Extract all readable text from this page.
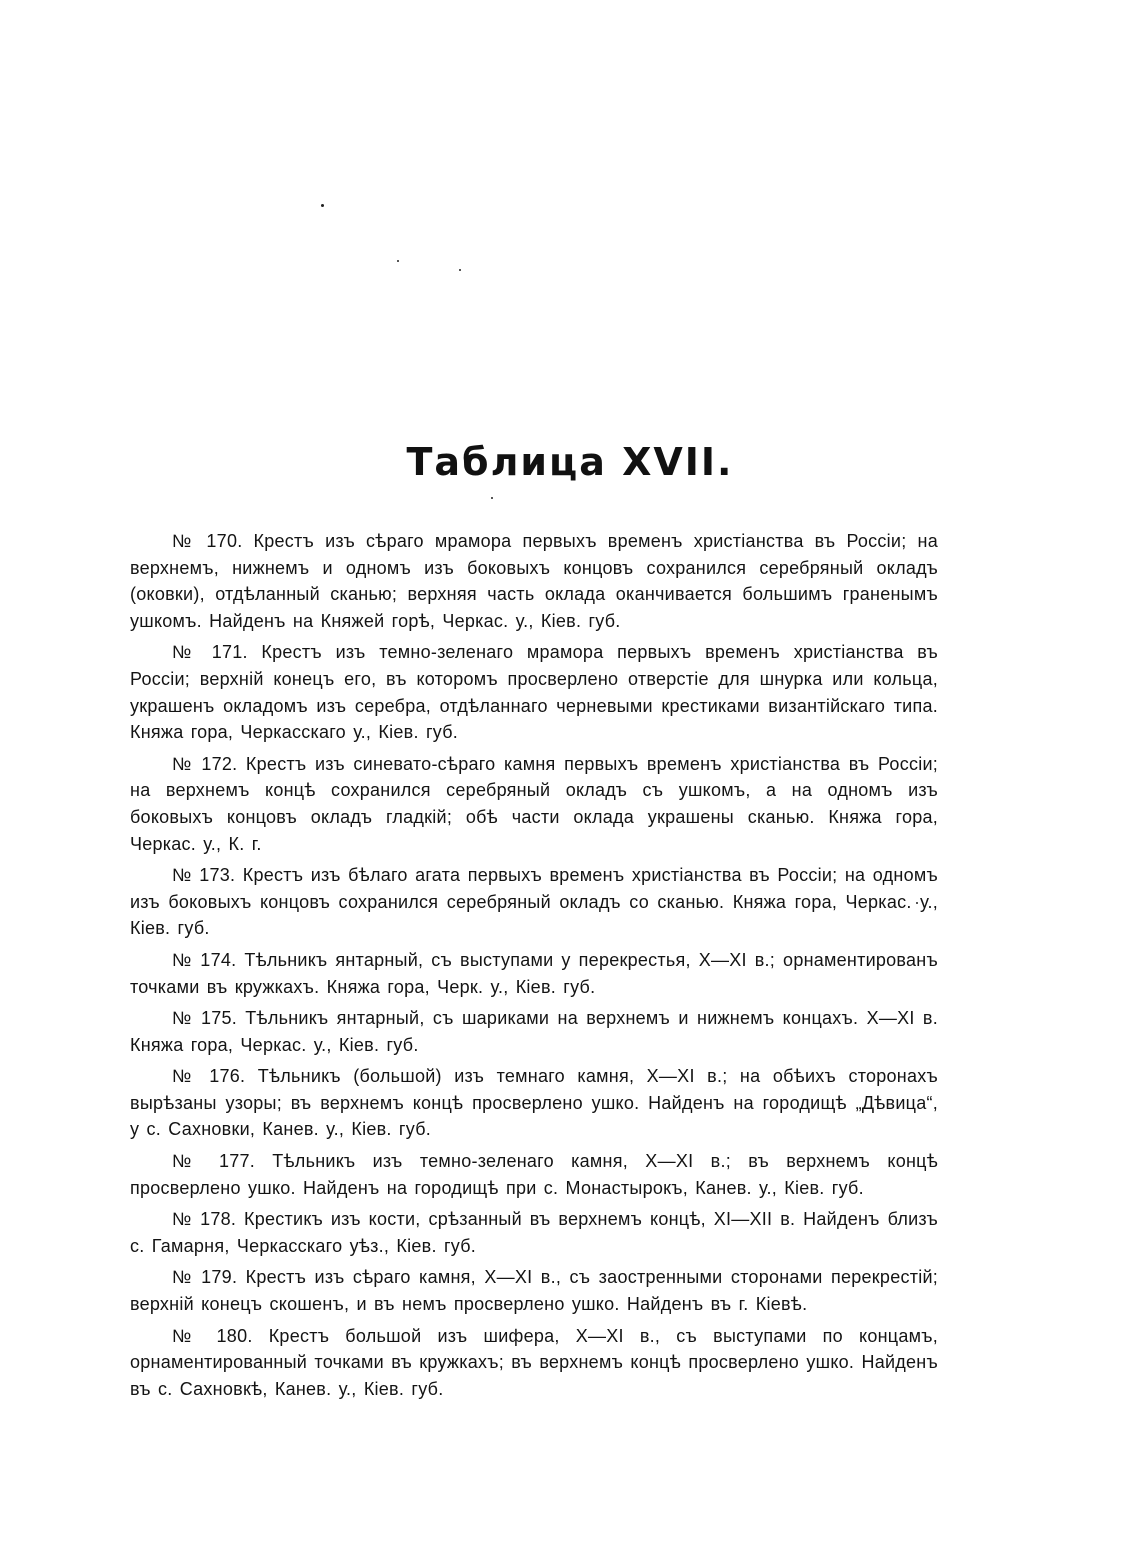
Таблица XVII.

№ 170. Крестъ изъ сѣраго мрамора первыхъ временъ христіанства въ Россіи; на верхнемъ, нижнемъ и одномъ изъ боковыхъ концовъ сохранился серебряный окладъ (оковки), отдѣланный сканью; верхняя часть оклада оканчивается большимъ граненымъ ушкомъ. Найденъ на Княжей горѣ, Черкас. у., Кіев. губ.

№ 171. Крестъ изъ темно-зеленаго мрамора первыхъ временъ христіанства въ Россіи; верхній конецъ его, въ которомъ просверлено отверстіе для шнурка или кольца, украшенъ окладомъ изъ серебра, отдѣланнаго черневыми крестиками византійскаго типа. Княжа гора, Черкасскаго у., Кіев. губ.

№ 172. Крестъ изъ синевато-сѣраго камня первыхъ временъ христіанства въ Россіи; на верхнемъ концѣ сохранился серебряный окладъ съ ушкомъ, а на одномъ изъ боковыхъ концовъ окладъ гладкій; обѣ части оклада украшены сканью. Княжа гора, Черкас. у., К. г.

№ 173. Крестъ изъ бѣлаго агата первыхъ временъ христіанства въ Россіи; на одномъ изъ боковыхъ концовъ сохранился серебряный окладъ со сканью. Княжа гора, Черкас. у., Кіев. губ.

№ 174. Тѣльникъ янтарный, съ выступами у перекрестья, X—XI в.; орнаментированъ точками въ кружкахъ. Княжа гора, Черк. у., Кіев. губ.

№ 175. Тѣльникъ янтарный, съ шариками на верхнемъ и нижнемъ концахъ. X—XI в. Княжа гора, Черкас. у., Кіев. губ.

№ 176. Тѣльникъ (большой) изъ темнаго камня, X—XI в.; на обѣихъ сторонахъ вырѣзаны узоры; въ верхнемъ концѣ просверлено ушко. Найденъ на городищѣ „Дѣвица“, у с. Сахновки, Канев. у., Кіев. губ.

№ 177. Тѣльникъ изъ темно-зеленаго камня, X—XI в.; въ верхнемъ концѣ просверлено ушко. Найденъ на городищѣ при с. Монастырокъ, Канев. у., Кіев. губ.

№ 178. Крестикъ изъ кости, срѣзанный въ верхнемъ концѣ, XI—XII в. Найденъ близъ с. Гамарня, Черкасскаго уѣз., Кіев. губ.

№ 179. Крестъ изъ сѣраго камня, X—XI в., съ заостренными сторонами перекрестій; верхній конецъ скошенъ, и въ немъ просверлено ушко. Найденъ въ г. Кіевѣ.

№ 180. Крестъ большой изъ шифера, X—XI в., съ выступами по концамъ, орнаментированный точками въ кружкахъ; въ верхнемъ концѣ просверлено ушко. Найденъ въ с. Сахновкѣ, Канев. у., Кіев. губ.
